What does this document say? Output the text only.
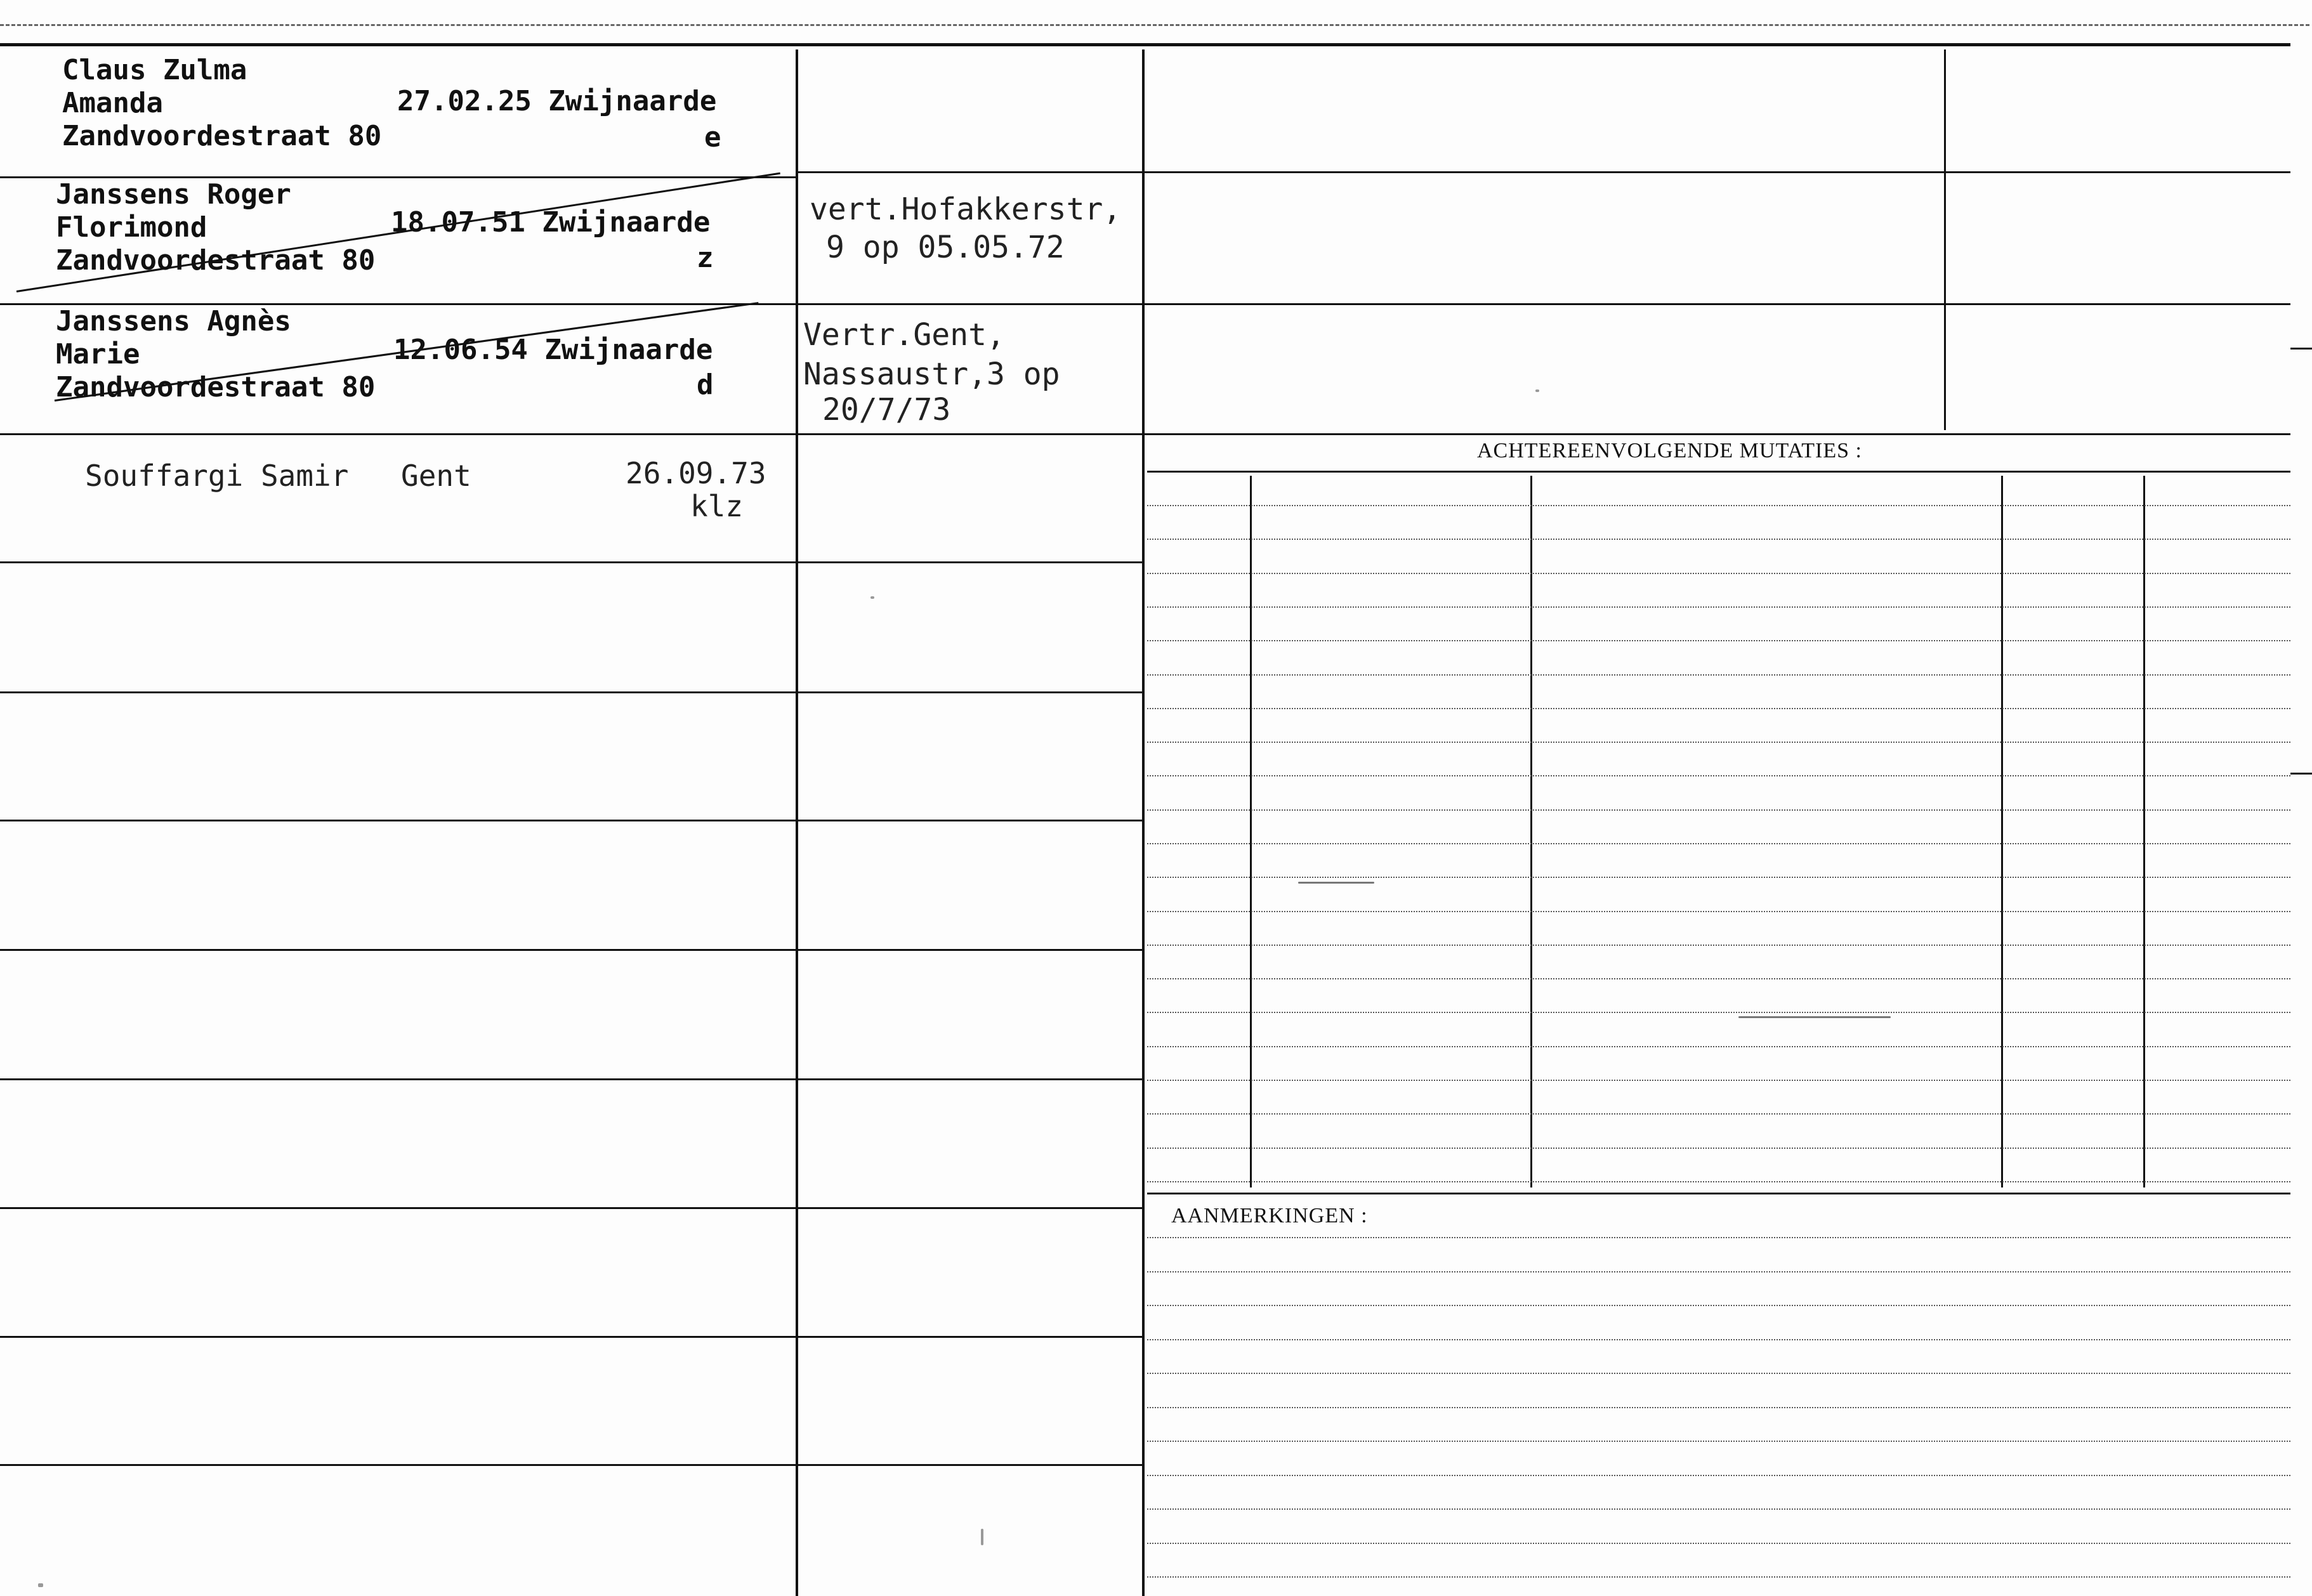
ACHTEREENVOLGENDE MUTATIES :
AANMERKINGEN :
Claus Zulma
Amanda
Zandvoordestraat 80
27.02.25 Zwijnaarde
e
Janssens Roger
Florimond
Zandvoordestraat 80
18.07.51 Zwijnaarde
z
vert.Hofakkerstr,
9 op 05.05.72
Janssens Agnès
Marie
Zandvoordestraat 80
12.06.54 Zwijnaarde
d
Vertr.Gent,
Nassaustr,3 op
20/7/73
Souffargi Samir Gent	26.09.73
klz
